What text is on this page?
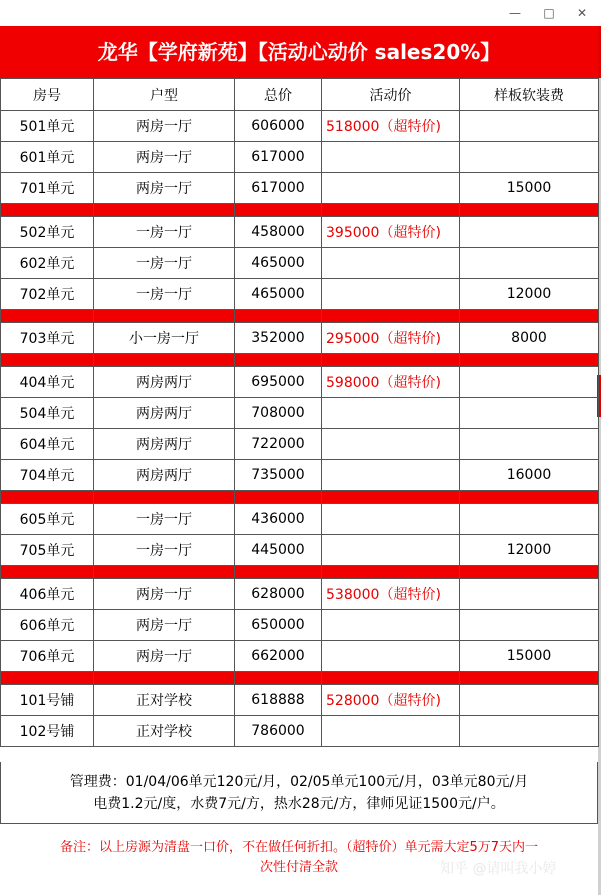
—	□	✕
龙华【学府新苑】【活动心动价 sales20%】
房号	户型	总价	活动价	样板软装费
501单元	两房一厅	606000	518000（超特价)	
601单元	两房一厅	617000		
701单元	两房一厅	617000		15000

502单元	一房一厅	458000	395000（超特价)	
602单元	一房一厅	465000		
702单元	一房一厅	465000		12000

703单元	小一房一厅	352000	295000（超特价)	8000

404单元	两房两厅	695000	598000（超特价)	
504单元	两房两厅	708000		
604单元	两房两厅	722000		
704单元	两房两厅	735000		16000

605单元	一房一厅	436000		
705单元	一房一厅	445000		12000

406单元	两房一厅	628000	538000（超特价)	
606单元	两房一厅	650000		
706单元	两房一厅	662000		15000

101号铺	正对学校	618888	528000（超特价)	
102号铺	正对学校	786000		
管理费：01/04/06单元120元/月，02/05单元100元/月，03单元80元/月
电费1.2元/度，水费7元/方，热水28元/方，律师见证1500元/户。
备注：以上房源为清盘一口价，不在做任何折扣。（超特价）单元需大定5万7天内一
次性付清全款	知乎 @请叫我小婷
